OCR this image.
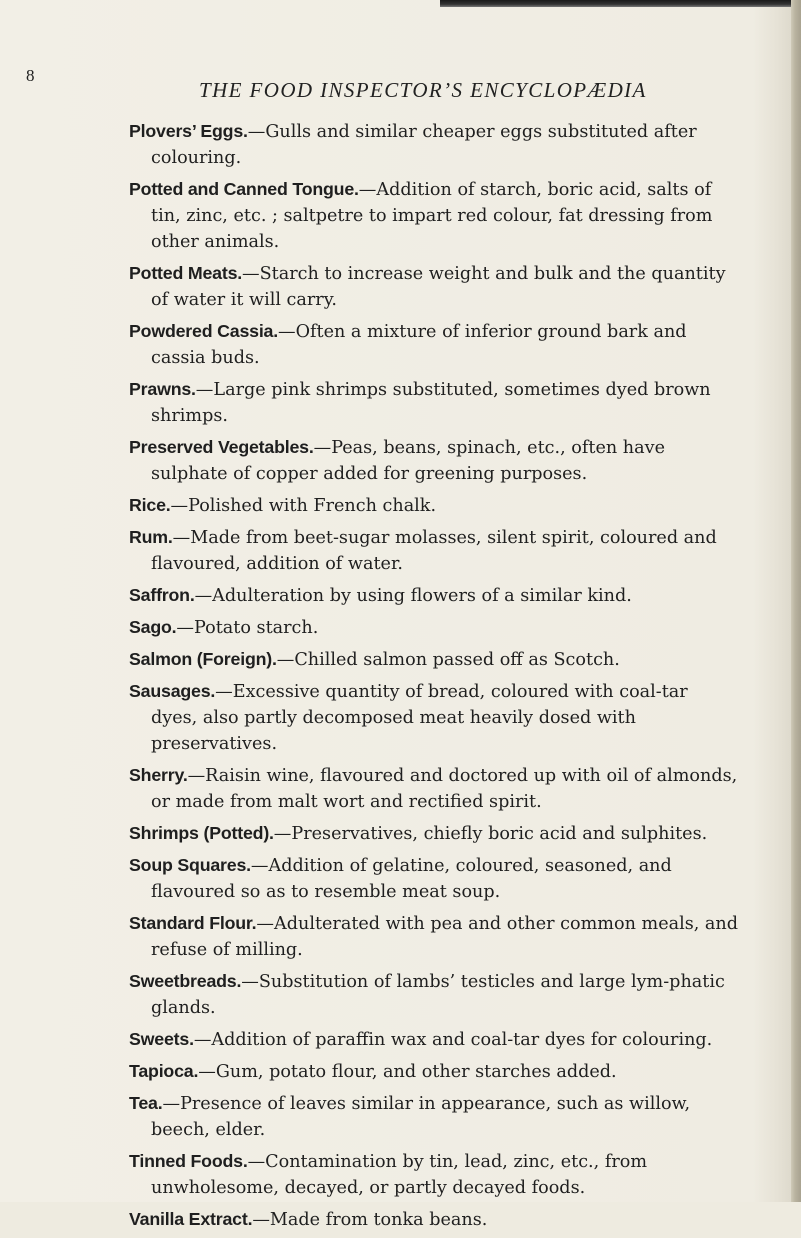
8
THE FOOD INSPECTOR’S ENCYCLOPÆDIA

Plovers’ Eggs.—Gulls and similar cheaper eggs substituted after colouring.

Potted and Canned Tongue.—Addition of starch, boric acid, salts of tin, zinc, etc. ; saltpetre to impart red colour, fat dressing from other animals.

Potted Meats.—Starch to increase weight and bulk and the quantity of water it will carry.

Powdered Cassia.—Often a mixture of inferior ground bark and cassia buds.

Prawns.—Large pink shrimps substituted, sometimes dyed brown shrimps.

Preserved Vegetables.—Peas, beans, spinach, etc., often have sulphate of copper added for greening purposes.

Rice.—Polished with French chalk.

Rum.—Made from beet-sugar molasses, silent spirit, coloured and flavoured, addition of water.

Saffron.—Adulteration by using flowers of a similar kind.

Sago.—Potato starch.

Salmon (Foreign).—Chilled salmon passed off as Scotch.

Sausages.—Excessive quantity of bread, coloured with coal-tar dyes, also partly decomposed meat heavily dosed with preservatives.

Sherry.—Raisin wine, flavoured and doctored up with oil of almonds, or made from malt wort and rectified spirit.

Shrimps (Potted).—Preservatives, chiefly boric acid and sulphites.

Soup Squares.—Addition of gelatine, coloured, seasoned, and flavoured so as to resemble meat soup.

Standard Flour.—Adulterated with pea and other common meals, and refuse of milling.

Sweetbreads.—Substitution of lambs’ testicles and large lym-phatic glands.

Sweets.—Addition of paraffin wax and coal-tar dyes for colouring.

Tapioca.—Gum, potato flour, and other starches added.

Tea.—Presence of leaves similar in appearance, such as willow, beech, elder.

Tinned Foods.—Contamination by tin, lead, zinc, etc., from unwholesome, decayed, or partly decayed foods.

Vanilla Extract.—Made from tonka beans.
